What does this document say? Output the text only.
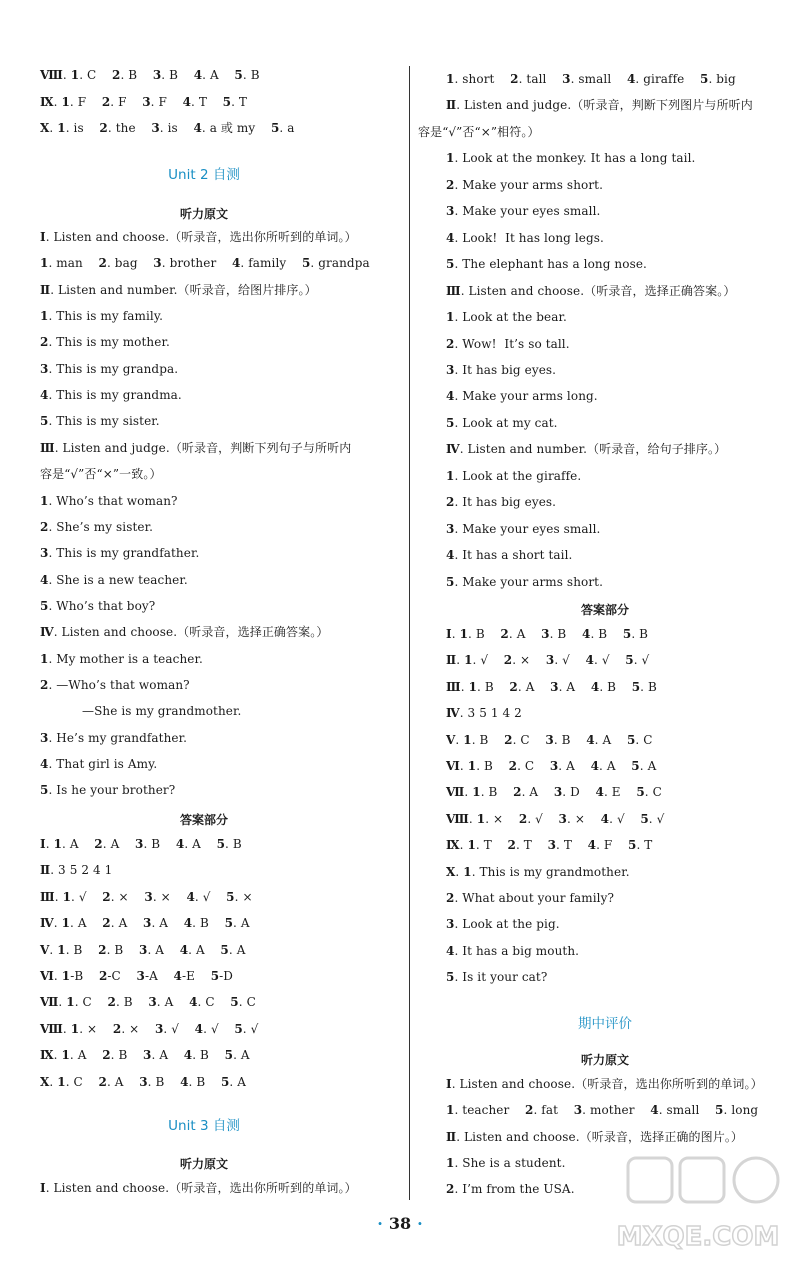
Ⅷ. 1. C    2. B    3. B    4. A    5. B
Ⅸ. 1. F    2. F    3. F    4. T    5. T
Ⅹ. 1. is    2. the    3. is    4. a 或 my    5. a
Unit 2 自测
听力原文
Ⅰ. Listen and choose.（听录音，选出你所听到的单词。）
1. man    2. bag    3. brother    4. family    5. grandpa
Ⅱ. Listen and number.（听录音，给图片排序。）
1. This is my family.
2. This is my mother.
3. This is my grandpa.
4. This is my grandma.
5. This is my sister.
Ⅲ. Listen and judge.（听录音，判断下列句子与所听内
容是“√”否“×”一致。）
1. Who’s that woman?
2. She’s my sister.
3. This is my grandfather.
4. She is a new teacher.
5. Who’s that boy?
Ⅳ. Listen and choose.（听录音，选择正确答案。）
1. My mother is a teacher.
2. —Who’s that woman?
—She is my grandmother.
3. He’s my grandfather.
4. That girl is Amy.
5. Is he your brother?
答案部分
Ⅰ. 1. A    2. A    3. B    4. A    5. B
Ⅱ. 3 5 2 4 1
Ⅲ. 1. √    2. ×    3. ×    4. √    5. ×
Ⅳ. 1. A    2. A    3. A    4. B    5. A
Ⅴ. 1. B    2. B    3. A    4. A    5. A
Ⅵ. 1-B    2-C    3-A    4-E    5-D
Ⅶ. 1. C    2. B    3. A    4. C    5. C
Ⅷ. 1. ×    2. ×    3. √    4. √    5. √
Ⅸ. 1. A    2. B    3. A    4. B    5. A
Ⅹ. 1. C    2. A    3. B    4. B    5. A
Unit 3 自测
听力原文
Ⅰ. Listen and choose.（听录音，选出你所听到的单词。）
1. short    2. tall    3. small    4. giraffe    5. big
Ⅱ. Listen and judge.（听录音，判断下列图片与所听内
容是“√”否“×”相符。）
1. Look at the monkey. It has a long tail.
2. Make your arms short.
3. Make your eyes small.
4. Look!  It has long legs.
5. The elephant has a long nose.
Ⅲ. Listen and choose.（听录音，选择正确答案。）
1. Look at the bear.
2. Wow!  It’s so tall.
3. It has big eyes.
4. Make your arms long.
5. Look at my cat.
Ⅳ. Listen and number.（听录音，给句子排序。）
1. Look at the giraffe.
2. It has big eyes.
3. Make your eyes small.
4. It has a short tail.
5. Make your arms short.
答案部分
Ⅰ. 1. B    2. A    3. B    4. B    5. B
Ⅱ. 1. √    2. ×    3. √    4. √    5. √
Ⅲ. 1. B    2. A    3. A    4. B    5. B
Ⅳ. 3 5 1 4 2
Ⅴ. 1. B    2. C    3. B    4. A    5. C
Ⅵ. 1. B    2. C    3. A    4. A    5. A
Ⅶ. 1. B    2. A    3. D    4. E    5. C
Ⅷ. 1. ×    2. √    3. ×    4. √    5. √
Ⅸ. 1. T    2. T    3. T    4. F    5. T
Ⅹ. 1. This is my grandmother.
2. What about your family?
3. Look at the pig.
4. It has a big mouth.
5. Is it your cat?
期中评价
听力原文
Ⅰ. Listen and choose.（听录音，选出你所听到的单词。）
1. teacher    2. fat    3. mother    4. small    5. long
Ⅱ. Listen and choose.（听录音，选择正确的图片。）
1. She is a student.
2. I’m from the USA.
· 38 ·	MXQE.COM
